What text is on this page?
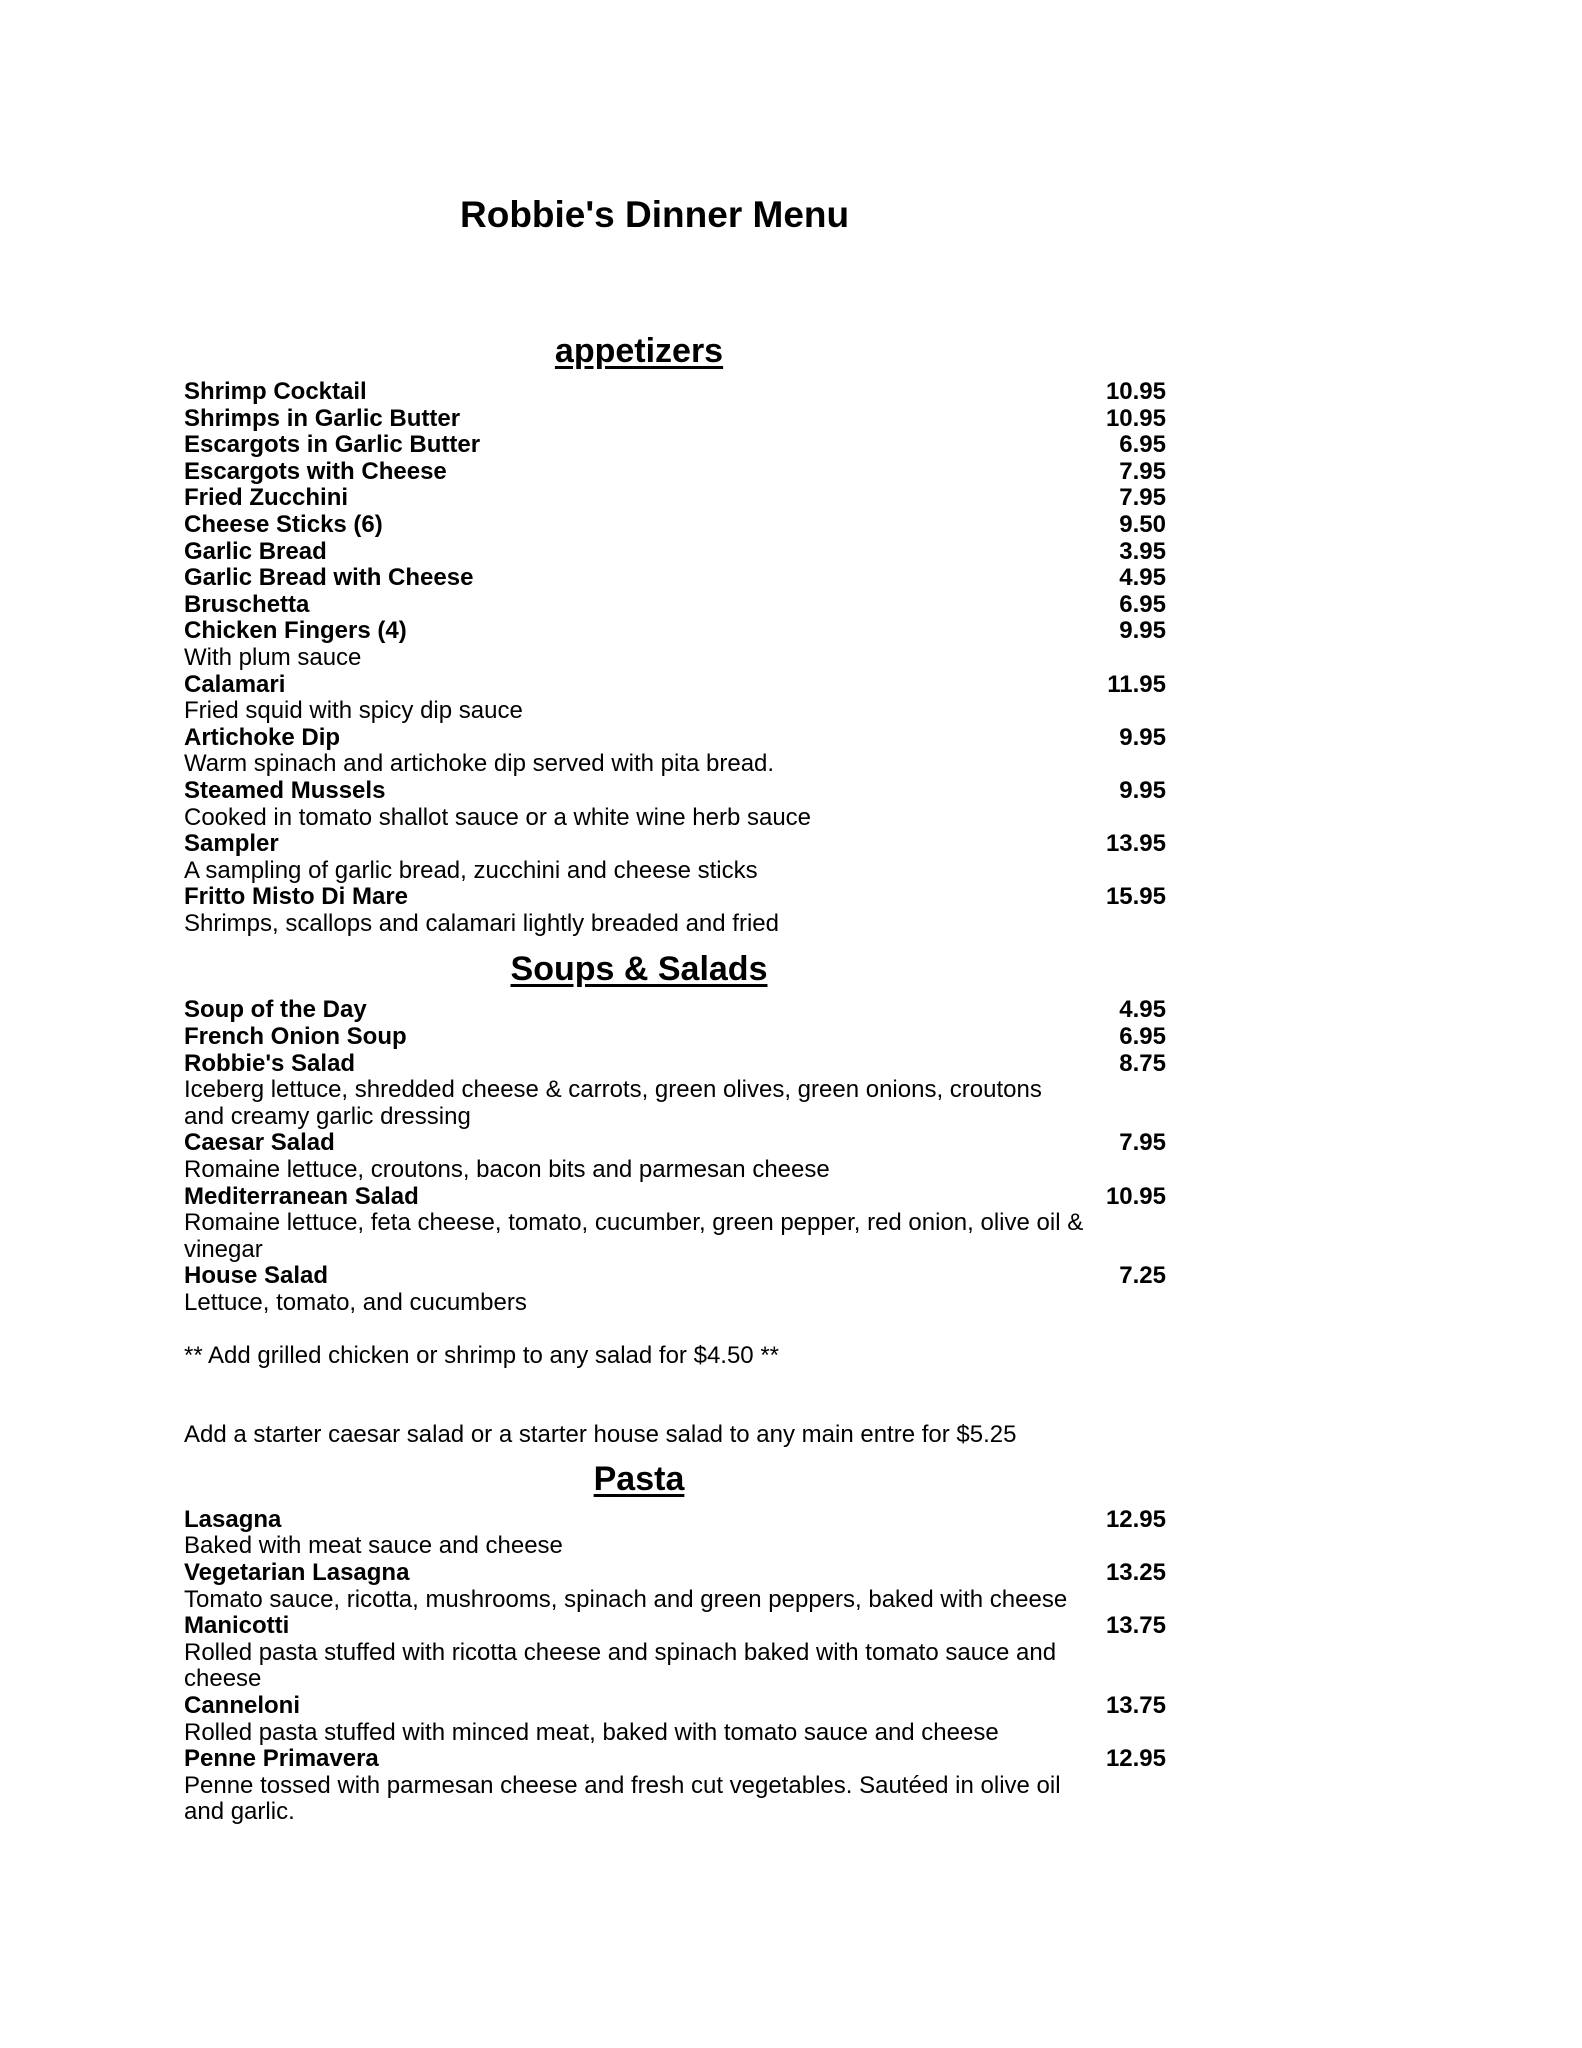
Robbie's Dinner Menu
appetizers
Shrimp Cocktail	10.95
Shrimps in Garlic Butter	10.95
Escargots in Garlic Butter	6.95
Escargots with Cheese	7.95
Fried Zucchini	7.95
Cheese Sticks (6)	9.50
Garlic Bread	3.95
Garlic Bread with Cheese	4.95
Bruschetta	6.95
Chicken Fingers (4)	9.95
With plum sauce
Calamari	11.95
Fried squid with spicy dip sauce
Artichoke Dip	9.95
Warm spinach and artichoke dip served with pita bread.
Steamed Mussels	9.95
Cooked in tomato shallot sauce or a white wine herb sauce
Sampler	13.95
A sampling of garlic bread, zucchini and cheese sticks
Fritto Misto Di Mare	15.95
Shrimps, scallops and calamari lightly breaded and fried
Soups & Salads
Soup of the Day	4.95
French Onion Soup	6.95
Robbie's Salad	8.75
Iceberg lettuce, shredded cheese & carrots, green olives, green onions, croutons and creamy garlic dressing
Caesar Salad	7.95
Romaine lettuce, croutons, bacon bits and parmesan cheese
Mediterranean Salad	10.95
Romaine lettuce, feta cheese, tomato, cucumber, green pepper, red onion, olive oil & vinegar
House Salad	7.25
Lettuce, tomato, and cucumbers
** Add grilled chicken or shrimp to any salad for $4.50 **
Add a starter caesar salad or a starter house salad to any main entre for $5.25
Pasta
Lasagna	12.95
Baked with meat sauce and cheese
Vegetarian Lasagna	13.25
Tomato sauce, ricotta, mushrooms, spinach and green peppers, baked with cheese
Manicotti	13.75
Rolled pasta stuffed with ricotta cheese and spinach baked with tomato sauce and cheese
Canneloni	13.75
Rolled pasta stuffed with minced meat, baked with tomato sauce and cheese
Penne Primavera	12.95
Penne tossed with parmesan cheese and fresh cut vegetables. Sautéed in olive oil and garlic.
